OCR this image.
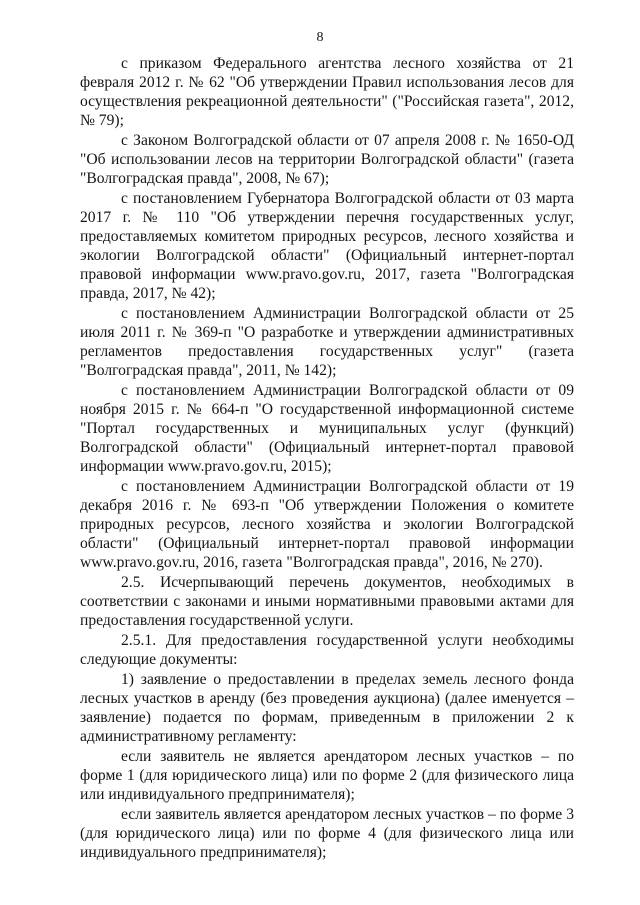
8

с приказом Федерального агентства лесного хозяйства от 21 февраля 2012 г. № 62 "Об утверждении Правил использования лесов для осуществления рекреационной деятельности" ("Российская газета", 2012, № 79);

с Законом Волгоградской области от 07 апреля 2008 г. № 1650-ОД "Об использовании лесов на территории Волгоградской области" (газета "Волгоградская правда", 2008, № 67);

с постановлением Губернатора Волгоградской области от 03 марта 2017 г. № 110 "Об утверждении перечня государственных услуг, предоставляемых комитетом природных ресурсов, лесного хозяйства и экологии Волгоградской области" (Официальный интернет-портал правовой информации www.pravo.gov.ru, 2017, газета "Волгоградская правда, 2017, № 42);

с постановлением Администрации Волгоградской области от 25 июля 2011 г. № 369-п "О разработке и утверждении административных регламентов предоставления государственных услуг" (газета "Волгоградская правда", 2011, № 142);

с постановлением Администрации Волгоградской области от 09 ноября 2015 г. № 664-п "О государственной информационной системе "Портал государственных и муниципальных услуг (функций) Волгоградской области" (Официальный интернет-портал правовой информации www.pravo.gov.ru, 2015);

с постановлением Администрации Волгоградской области от 19 декабря 2016 г. № 693-п "Об утверждении Положения о комитете природных ресурсов, лесного хозяйства и экологии Волгоградской области" (Официальный интернет-портал правовой информации www.pravo.gov.ru, 2016, газета "Волгоградская правда", 2016, № 270).

2.5. Исчерпывающий перечень документов, необходимых в соответствии с законами и иными нормативными правовыми актами для предоставления государственной услуги.

2.5.1. Для предоставления государственной услуги необходимы следующие документы:

1) заявление о предоставлении в пределах земель лесного фонда лесных участков в аренду (без проведения аукциона) (далее именуется – заявление) подается по формам, приведенным в приложении 2 к административному регламенту:

если заявитель не является арендатором лесных участков – по форме 1 (для юридического лица) или по форме 2 (для физического лица или индивидуального предпринимателя);

если заявитель является арендатором лесных участков – по форме 3 (для юридического лица) или по форме 4 (для физического лица или индивидуального предпринимателя);
